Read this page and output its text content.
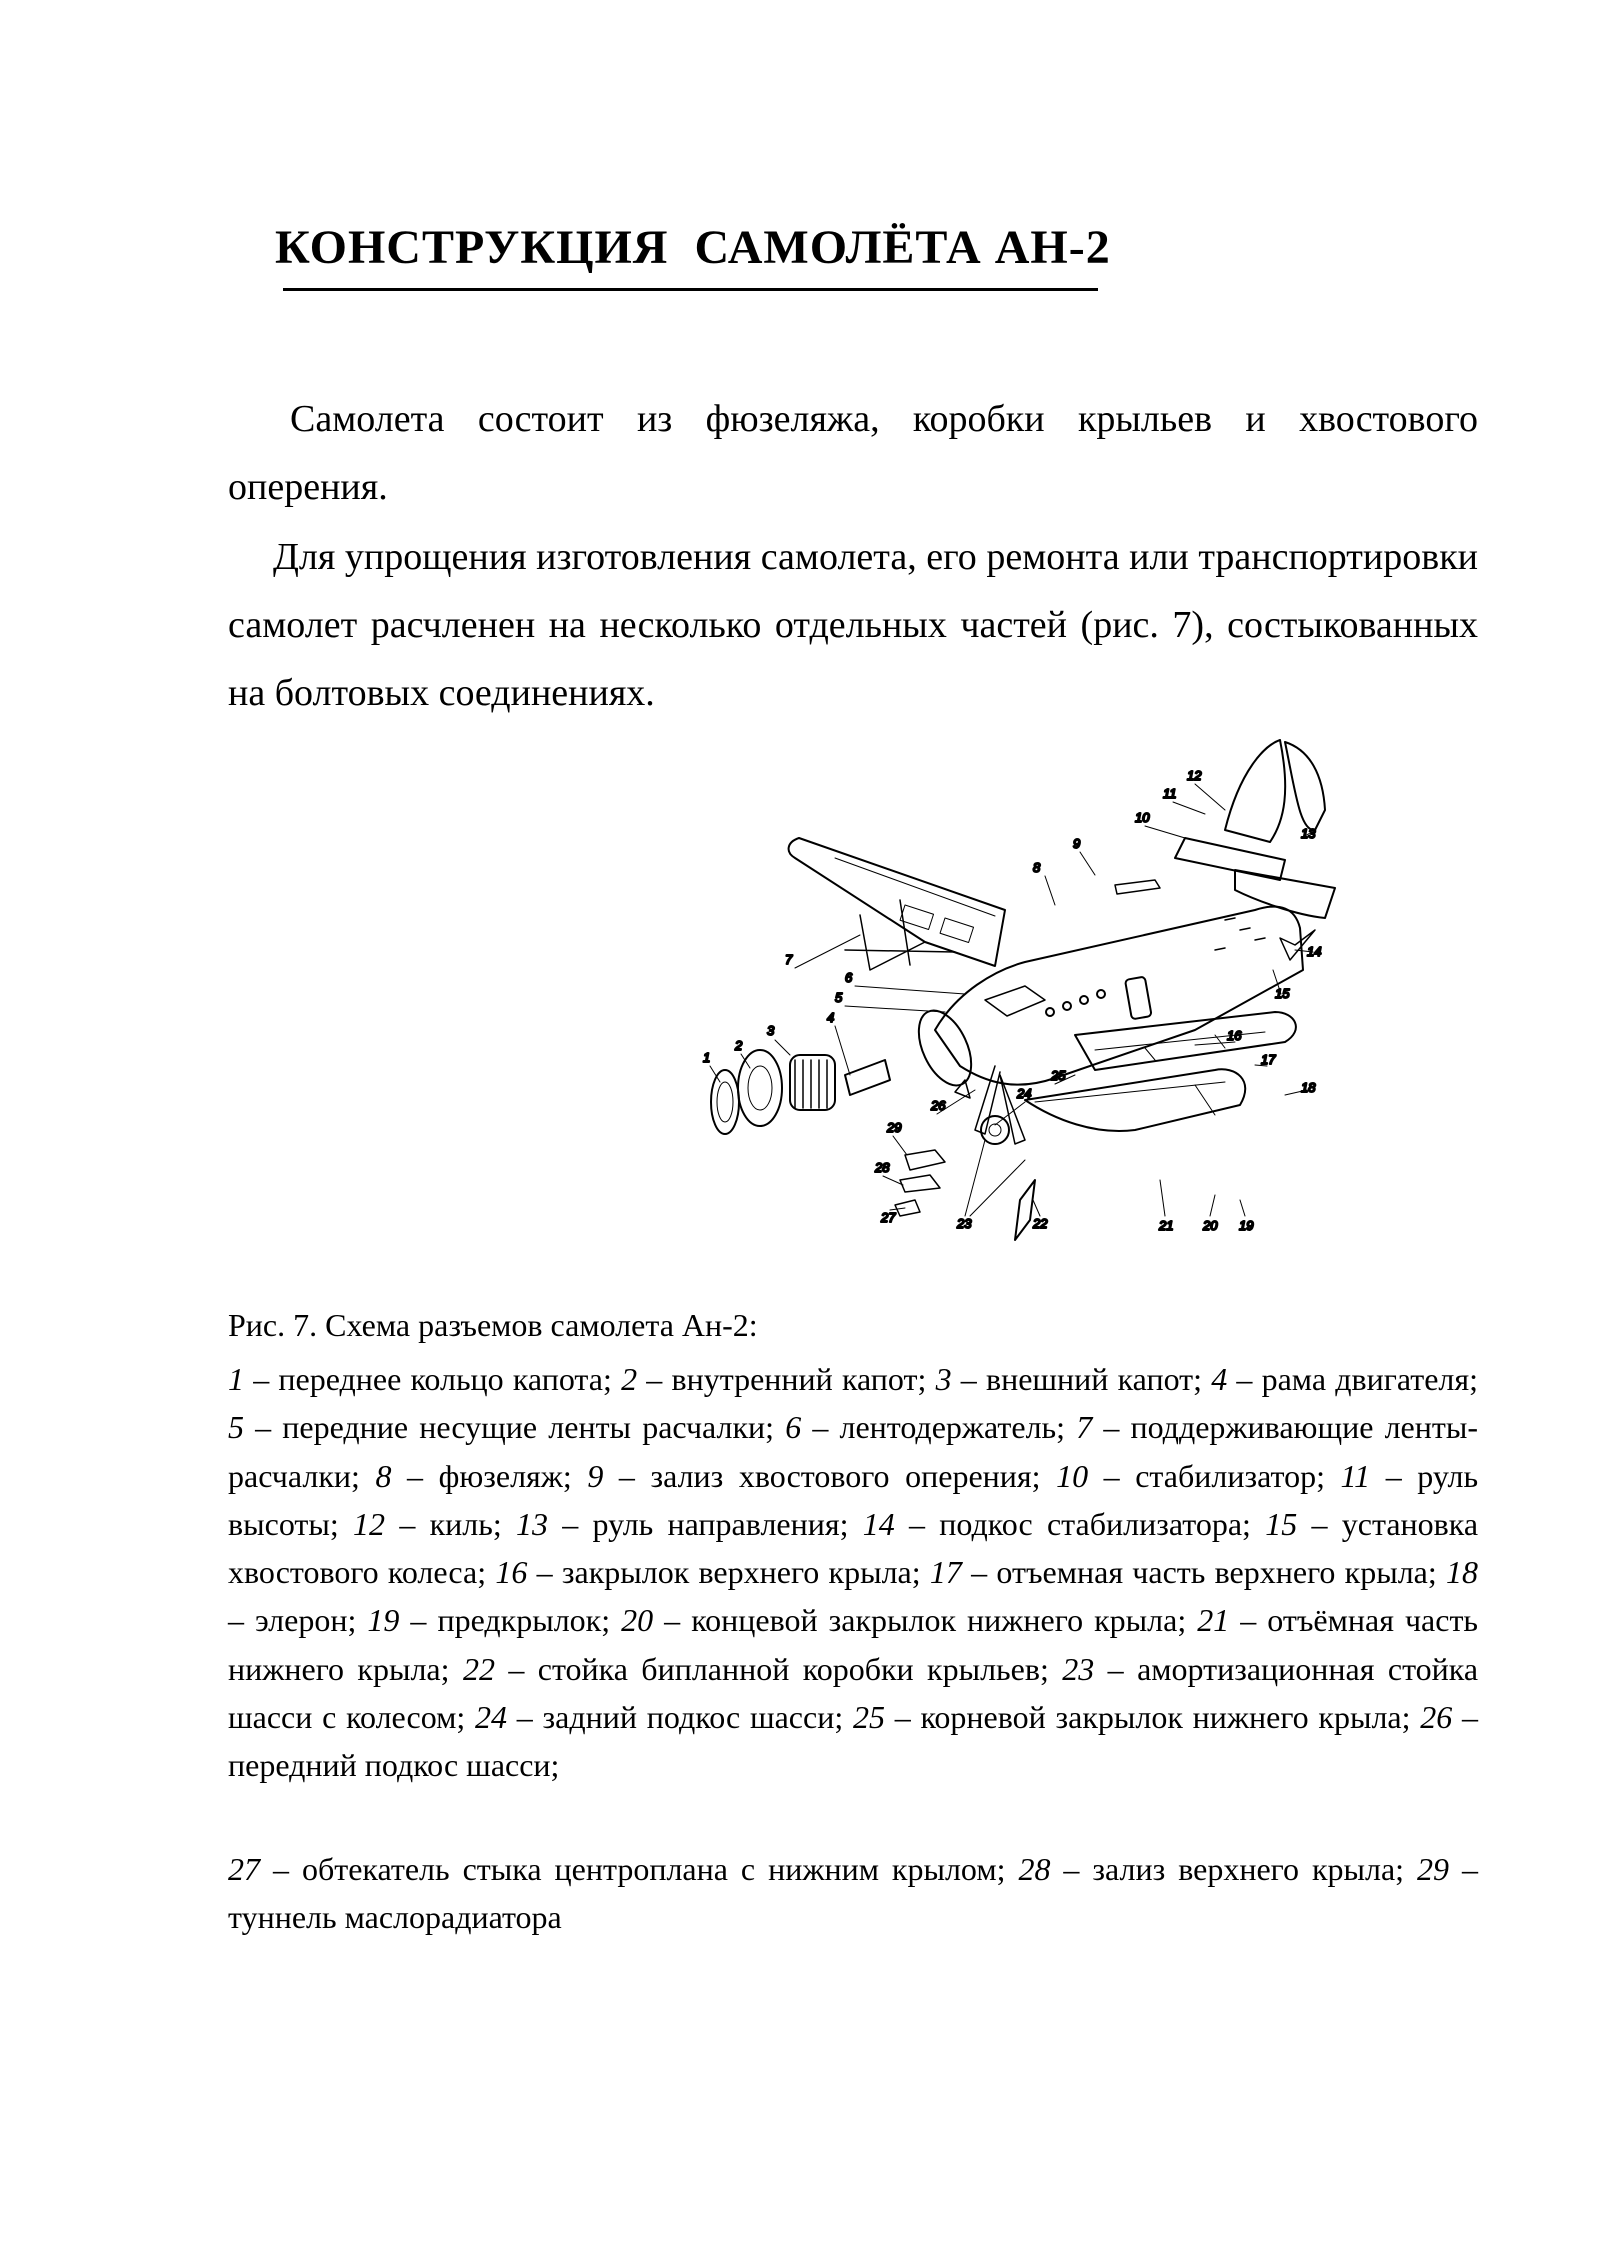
КОНСТРУКЦИЯ  САМОЛЁТА АН-2

Самолета состоит из фюзеляжа, коробки крыльев и хвостового оперения.

Для упрощения изготовления самолета, его ремонта или транспортировки самолет расчленен на несколько отдельных частей (рис. 7), состыкованных на болтовых соединениях.

1
2
3
4
5
6
7
8
9
10
11
12
13
14
15
16
17
18
19
20
21
22
23
24
25
26
27
28
29

Рис. 7. Схема разъемов самолета Ан-2:

1 – переднее кольцо капота; 2 – внутренний капот; 3 – внешний капот; 4 – рама двигателя; 5 – передние несущие ленты расчалки; 6 – лентодержатель; 7 – поддерживающие ленты-расчалки; 8 – фюзеляж; 9 – зализ хвостового оперения; 10 – стабилизатор; 11 – руль высоты; 12 – киль; 13 – руль направления; 14 – подкос стабилизатора; 15 – установка хвостового колеса; 16 – закрылок верхнего крыла; 17 – отъемная часть верхнего крыла; 18 – элерон; 19 – предкрылок; 20 – концевой закрылок нижнего крыла; 21 – отъёмная часть нижнего крыла; 22 – стойка бипланной коробки крыльев; 23 – амортизационная стойка шасси с колесом; 24 – задний подкос шасси; 25 – корневой закрылок нижнего крыла; 26 – передний подкос шасси;

27 – обтекатель стыка центроплана с нижним крылом; 28 – зализ верхнего крыла; 29 – туннель маслорадиатора
